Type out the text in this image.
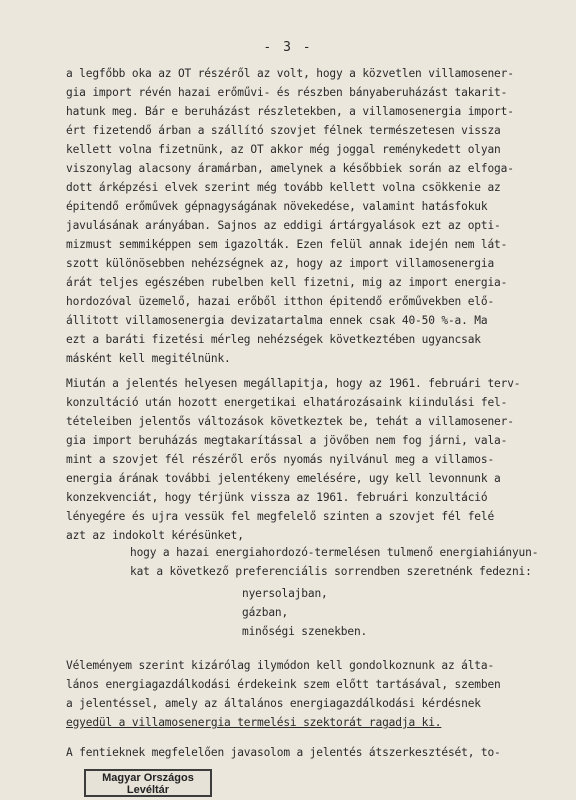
- 3 -
a legfőbb oka az OT részéről az volt, hogy a közvetlen villamosener-
gia import révén hazai erőművi- és részben bányaberuházást takarit-
hatunk meg. Bár e beruházást részletekben, a villamosenergia import-
ért fizetendő árban a szállító szovjet félnek természetesen vissza
kellett volna fizetnünk, az OT akkor még joggal reménykedett olyan
viszonylag alacsony áramárban, amelynek a későbbiek során az elfoga-
dott árképzési elvek szerint még tovább kellett volna csökkenie az
épitendő erőművek gépnagyságának növekedése, valamint hatásfokuk
javulásának arányában. Sajnos az eddigi ártárgyalások ezt az opti-
mizmust semmiképpen sem igazolták. Ezen felül annak idején nem lát-
szott különösebben nehézségnek az, hogy az import villamosenergia
árát teljes egészében rubelben kell fizetni, mig az import energia-
hordozóval üzemelő, hazai erőből itthon épitendő erőművekben elő-
állitott villamosenergia devizatartalma ennek csak 40-50 %-a. Ma
ezt a baráti fizetési mérleg nehézségek következtében ugyancsak
másként kell megitélnünk.
Miután a jelentés helyesen megállapitja, hogy az 1961. februári terv-
konzultáció után hozott energetikai elhatározásaink kiindulási fel-
tételeiben jelentős változások következtek be, tehát a villamosener-
gia import beruházás megtakarítással a jövőben nem fog járni, vala-
mint a szovjet fél részéről erős nyomás nyilvánul meg a villamos-
energia árának további jelentékeny emelésére, ugy kell levonnunk a
konzekvenciát, hogy térjünk vissza az 1961. februári konzultáció
lényegére és ujra vessük fel megfelelő szinten a szovjet fél felé
azt az indokolt kérésünket,
hogy a hazai energiahordozó-termelésen tulmenő energiahiányun-
kat a következő preferenciális sorrendben szeretnénk fedezni:
nyersolajban,
gázban,
minőségi szenekben.
Véleményem szerint kizárólag ilymódon kell gondolkoznunk az álta-
lános energiagazdálkodási érdekeink szem előtt tartásával, szemben
a jelentéssel, amely az általános energiagazdálkodási kérdésnek
egyedül a villamosenergia termelési szektorát ragadja ki.
A fentieknek megfelelően javasolom a jelentés átszerkesztését, to-
Magyar Országos
Levéltár
